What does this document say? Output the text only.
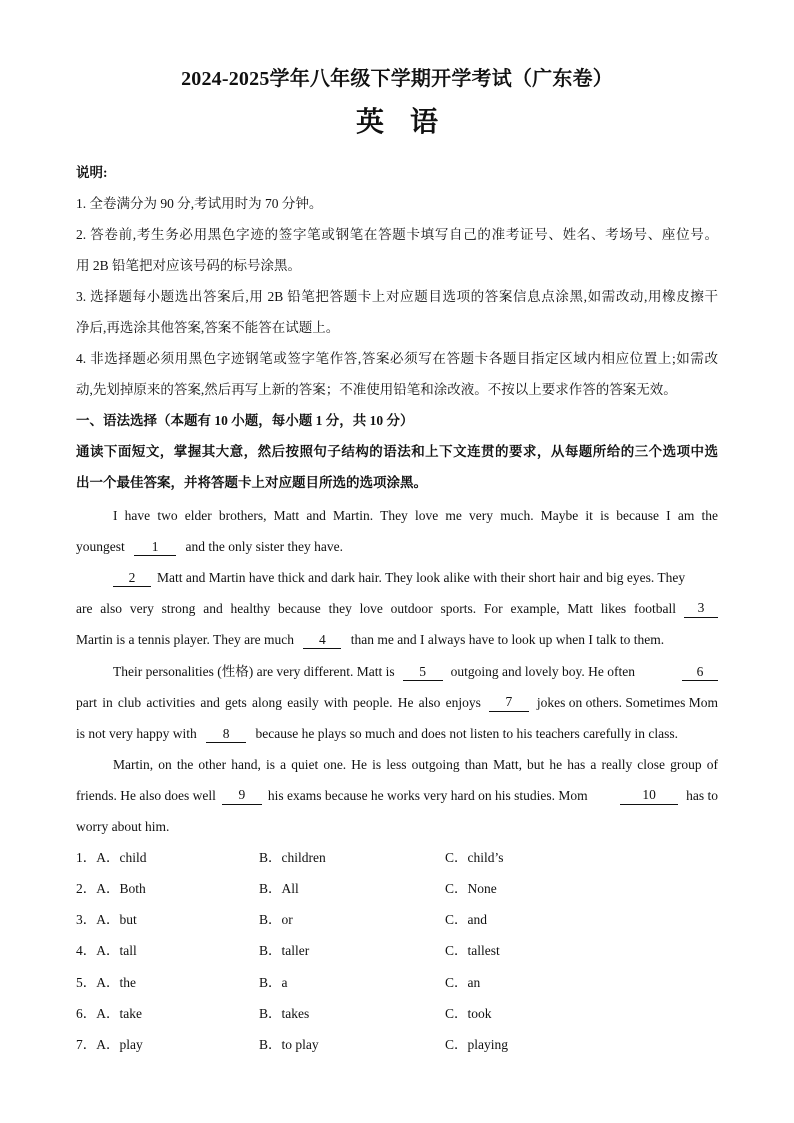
2024-2025学年八年级下学期开学考试（广东卷）
英语
说明:
1. 全卷满分为 90 分,考试用时为 70 分钟。
2. 答卷前,考生务必用黑色字迹的签字笔或钢笔在答题卡填写自己的准考证号、姓名、考场号、座位号。
用 2B 铅笔把对应该号码的标号涂黑。
3. 选择题每小题选出答案后,用 2B 铅笔把答题卡上对应题目选项的答案信息点涂黑,如需改动,用橡皮擦干
净后,再选涂其他答案,答案不能答在试题上。
4. 非选择题必须用黑色字迹钢笔或签字笔作答,答案必须写在答题卡各题目指定区域内相应位置上;如需改
动,先划掉原来的答案,然后再写上新的答案；不准使用铅笔和涂改液。不按以上要求作答的答案无效。
一、语法选择（本题有 10 小题，每小题 1 分，共 10 分）
通读下面短文，掌握其大意，然后按照句子结构的语法和上下文连贯的要求，从每题所给的三个选项中选
出一个最佳答案，并将答题卡上对应题目所选的选项涂黑。
I have two elder brothers, Matt and Martin. They love me very much. Maybe it is because I am the
youngest 1 and the only sister they have.
2 Matt and Martin have thick and dark hair. They look alike with their short hair and big eyes. They
are also very strong and healthy because they love outdoor sports. For example, Matt likes football	3
Martin is a tennis player. They are much 4 than me and I always have to look up when I talk to them.
Their personalities (性格) are very different. Matt is	5	outgoing and lovely boy. He often	6
part in club activities and gets along easily with people. He also enjoys	7	jokes on others. Sometimes Mom
is not very happy with 8 because he plays so much and does not listen to his teachers carefully in class.
Martin, on the other hand, is a quiet one. He is less outgoing than Matt, but he has a really close group of
friends. He also does well	9	his exams because he works very hard on his studies. Mom	10	has to
worry about him.
1．A．child	B．children	C．child’s
2．A．Both	B．All	C．None
3．A．but	B．or	C．and
4．A．tall	B．taller	C．tallest
5．A．the	B．a	C．an
6．A．take	B．takes	C．took
7．A．play	B．to play	C．playing
